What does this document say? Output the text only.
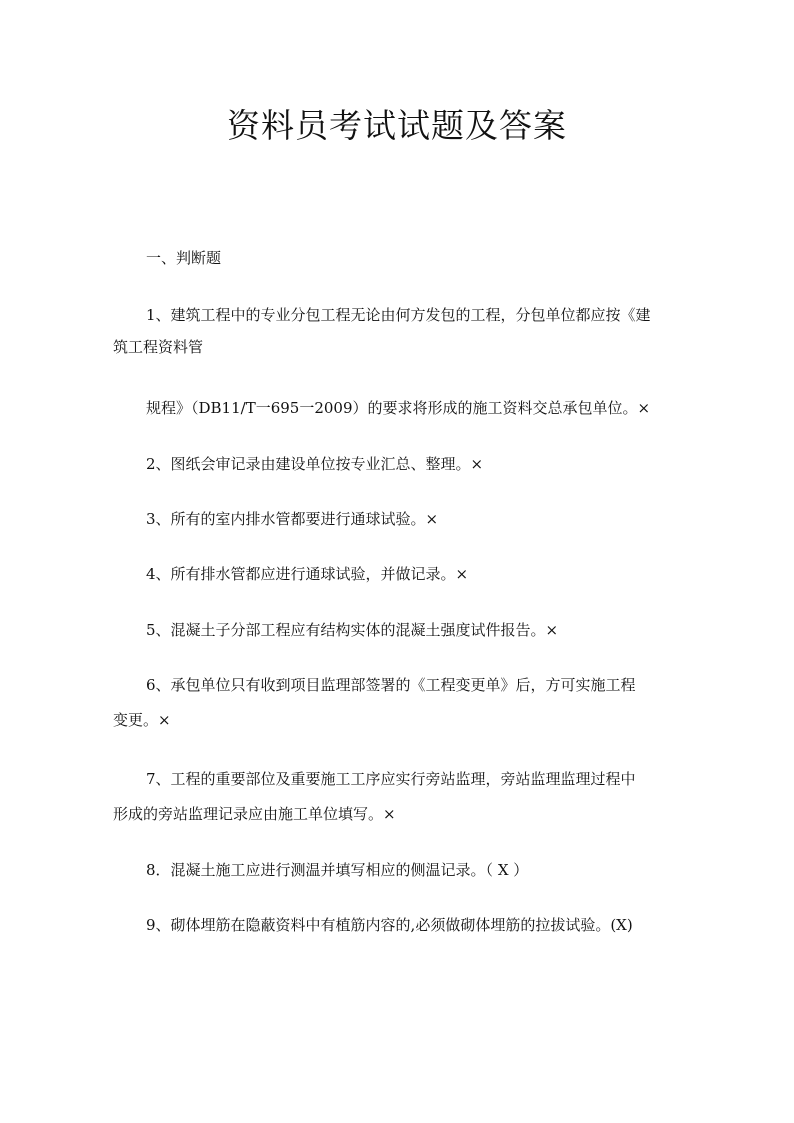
资料员考试试题及答案

一、判断题

1、建筑工程中的专业分包工程无论由何方发包的工程，分包单位都应按《建

筑工程资料管

规程》（DB11/T一695一2009）的要求将形成的施工资料交总承包单位。×

2、图纸会审记录由建设单位按专业汇总、整理。×

3、所有的室内排水管都要进行通球试验。×

4、所有排水管都应进行通球试验，并做记录。×

5、混凝土子分部工程应有结构实体的混凝土强度试件报告。×

6、承包单位只有收到项目监理部签署的《工程变更单》后，方可实施工程

变更。×

7、工程的重要部位及重要施工工序应实行旁站监理，旁站监理监理过程中

形成的旁站监理记录应由施工单位填写。×

8．混凝土施工应进行测温并填写相应的侧温记录。（ X ）

9、砌体埋筋在隐蔽资料中有植筋内容的,必须做砌体埋筋的拉拔试验。(X)
